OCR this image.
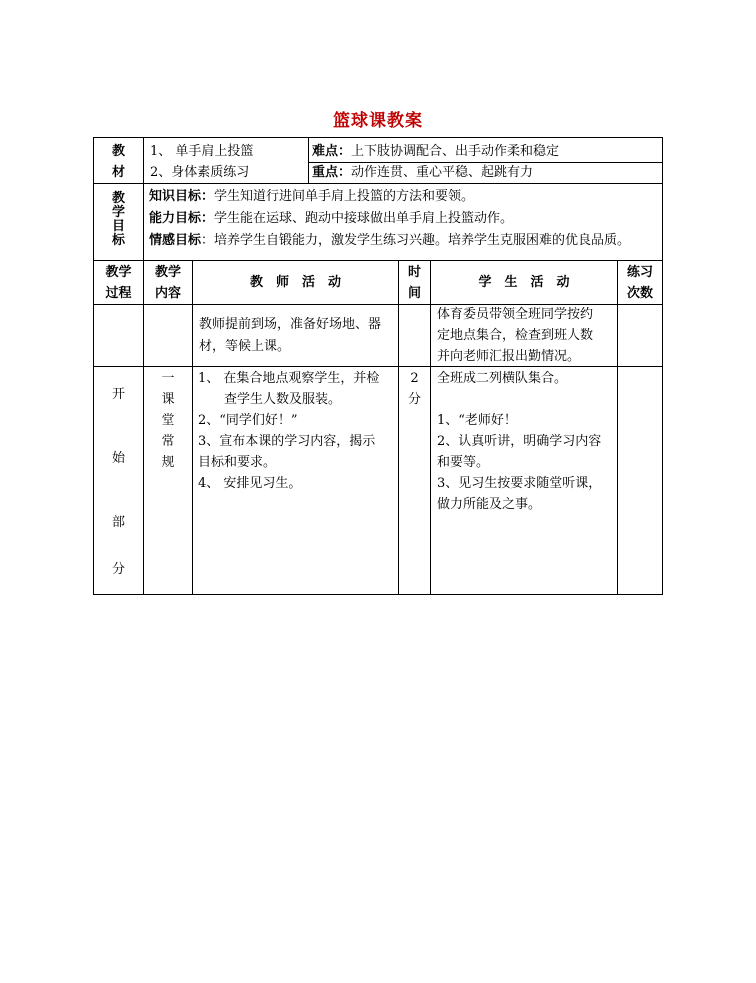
篮球课教案
教
材
1、 单手肩上投篮
2、身体素质练习
难点：上下肢协调配合、出手动作柔和稳定
重点：动作连贯、重心平稳、起跳有力
教
学
目
标
知识目标：学生知道行进间单手肩上投篮的方法和要领。
能力目标：学生能在运球、跑动中接球做出单手肩上投篮动作。
情感目标：培养学生自锻能力，激发学生练习兴趣。培养学生克服困难的优良品质。
教学
过程
教学
内容
教　师　活　动
时
间
学　生　活　动
练习
次数
教师提前到场，准备好场地、器
材，等候上课。
体育委员带领全班同学按约
定地点集合，检查到班人数
并向老师汇报出勤情况。
开
始
部
分
一
课
堂
常
规
1、 在集合地点观察学生，并检
　　查学生人数及服装。
2、“同学们好！”
3、宣布本课的学习内容，揭示
目标和要求。
4、 安排见习生。
2
分
全班成二列横队集合。
1、“老师好！
2、认真听讲，明确学习内容
和要等。
3、见习生按要求随堂听课，
做力所能及之事。
